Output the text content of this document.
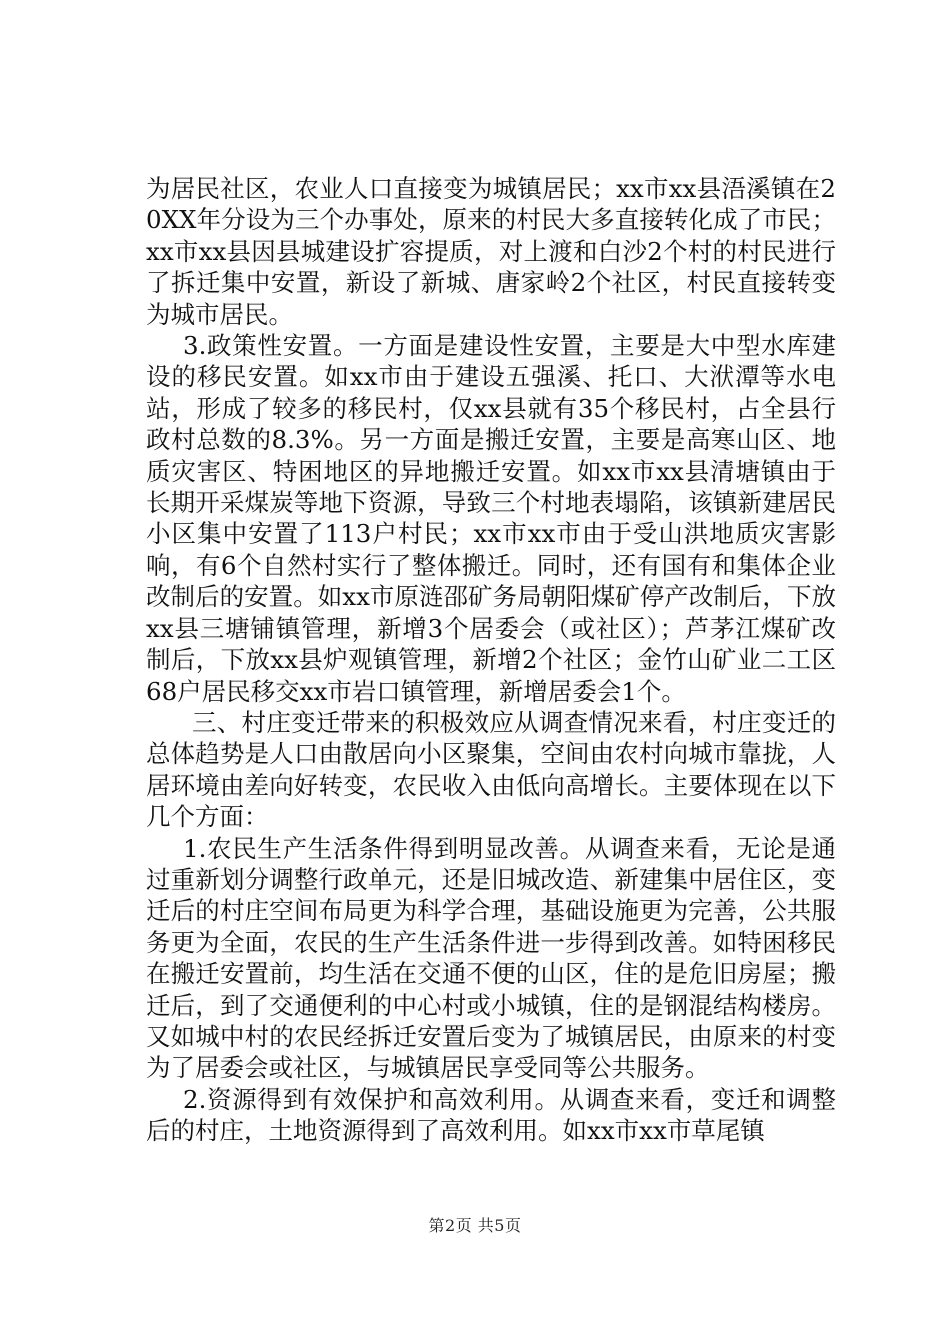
为居民社区，农业人口直接变为城镇居民；xx市xx县浯溪镇在20XX年分设为三个办事处，原来的村民大多直接转化成了市民；xx市xx县因县城建设扩容提质，对上渡和白沙2个村的村民进行了拆迁集中安置，新设了新城、唐家岭2个社区，村民直接转变为城市居民。

3.政策性安置。一方面是建设性安置，主要是大中型水库建设的移民安置。如xx市由于建设五强溪、托口、大洑潭等水电站，形成了较多的移民村，仅xx县就有35个移民村，占全县行政村总数的8.3%。另一方面是搬迁安置，主要是高寒山区、地质灾害区、特困地区的异地搬迁安置。如xx市xx县清塘镇由于长期开采煤炭等地下资源，导致三个村地表塌陷，该镇新建居民小区集中安置了113户村民；xx市xx市由于受山洪地质灾害影响，有6个自然村实行了整体搬迁。同时，还有国有和集体企业改制后的安置。如xx市原涟邵矿务局朝阳煤矿停产改制后，下放xx县三塘铺镇管理，新增3个居委会（或社区）；芦茅江煤矿改制后，下放xx县炉观镇管理，新增2个社区；金竹山矿业二工区68户居民移交xx市岩口镇管理，新增居委会1个。

三、村庄变迁带来的积极效应从调查情况来看，村庄变迁的总体趋势是人口由散居向小区聚集，空间由农村向城市靠拢，人居环境由差向好转变，农民收入由低向高增长。主要体现在以下几个方面：

1.农民生产生活条件得到明显改善。从调查来看，无论是通过重新划分调整行政单元，还是旧城改造、新建集中居住区，变迁后的村庄空间布局更为科学合理，基础设施更为完善，公共服务更为全面，农民的生产生活条件进一步得到改善。如特困移民在搬迁安置前，均生活在交通不便的山区，住的是危旧房屋；搬迁后，到了交通便利的中心村或小城镇，住的是钢混结构楼房。又如城中村的农民经拆迁安置后变为了城镇居民，由原来的村变为了居委会或社区，与城镇居民享受同等公共服务。

2.资源得到有效保护和高效利用。从调查来看，变迁和调整后的村庄，土地资源得到了高效利用。如xx市xx市草尾镇

第2页 共5页
